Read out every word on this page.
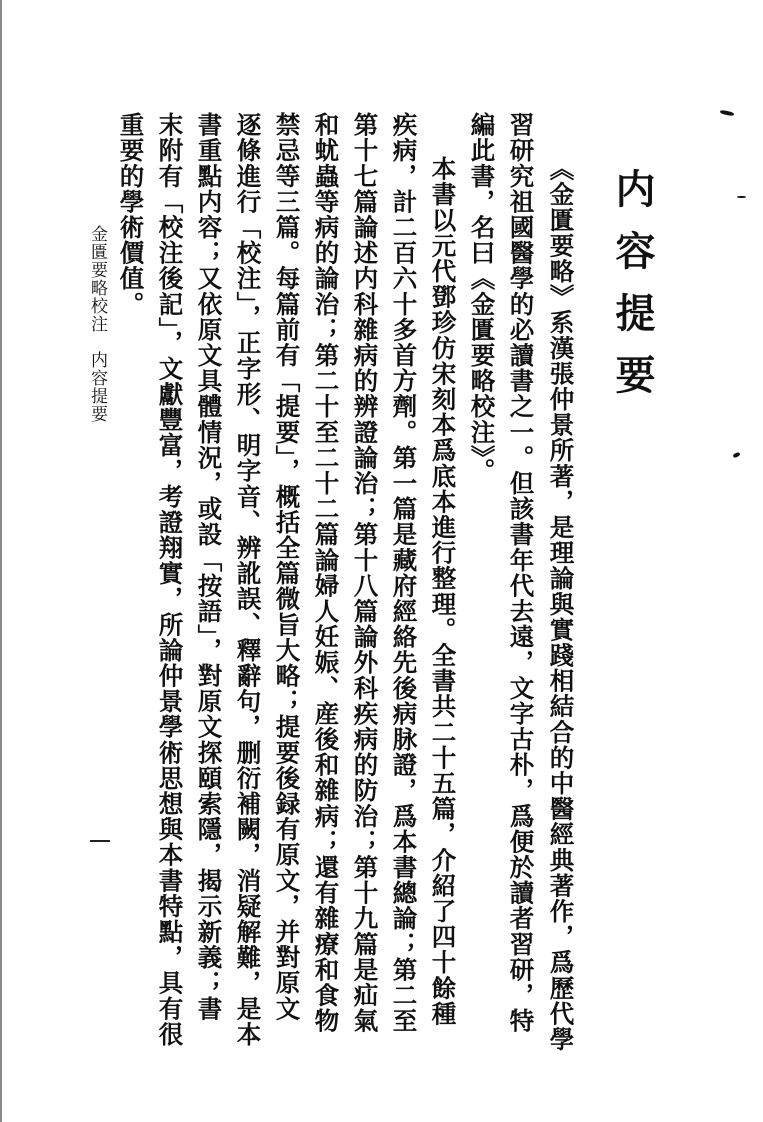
内容提要
《金匱要略》系漢張仲景所著，是理論與實踐相結合的中醫經典著作，爲歷代學
習研究祖國醫學的必讀書之一。但該書年代去遠，文字古朴，爲便於讀者習研，特
編此書，名曰《金匱要略校注》。
本書以元代鄧珍仿宋刻本爲底本進行整理。全書共二十五篇，介紹了四十餘種
疾病，計二百六十多首方劑。第一篇是藏府經絡先後病脉證，爲本書總論；第二至
第十七篇論述内科雜病的辨證論治；第十八篇論外科疾病的防治；第十九篇是疝氣
和蚘蟲等病的論治；第二十至二十二篇論婦人妊娠、産後和雜病；還有雜療和食物
禁忌等三篇。每篇前有「提要」，概括全篇微旨大略；提要後録有原文，并對原文
逐條進行「校注」，正字形、明字音、辨訛誤、釋辭句，删衍補闕，消疑解難，是本
書重點内容；又依原文具體情況，或設「按語」，對原文探頤索隱，揭示新義；書
末附有「校注後記」，文獻豐富，考證翔實，所論仲景學術思想與本書特點，具有很
重要的學術價值。
金匱要略校注　内容提要
